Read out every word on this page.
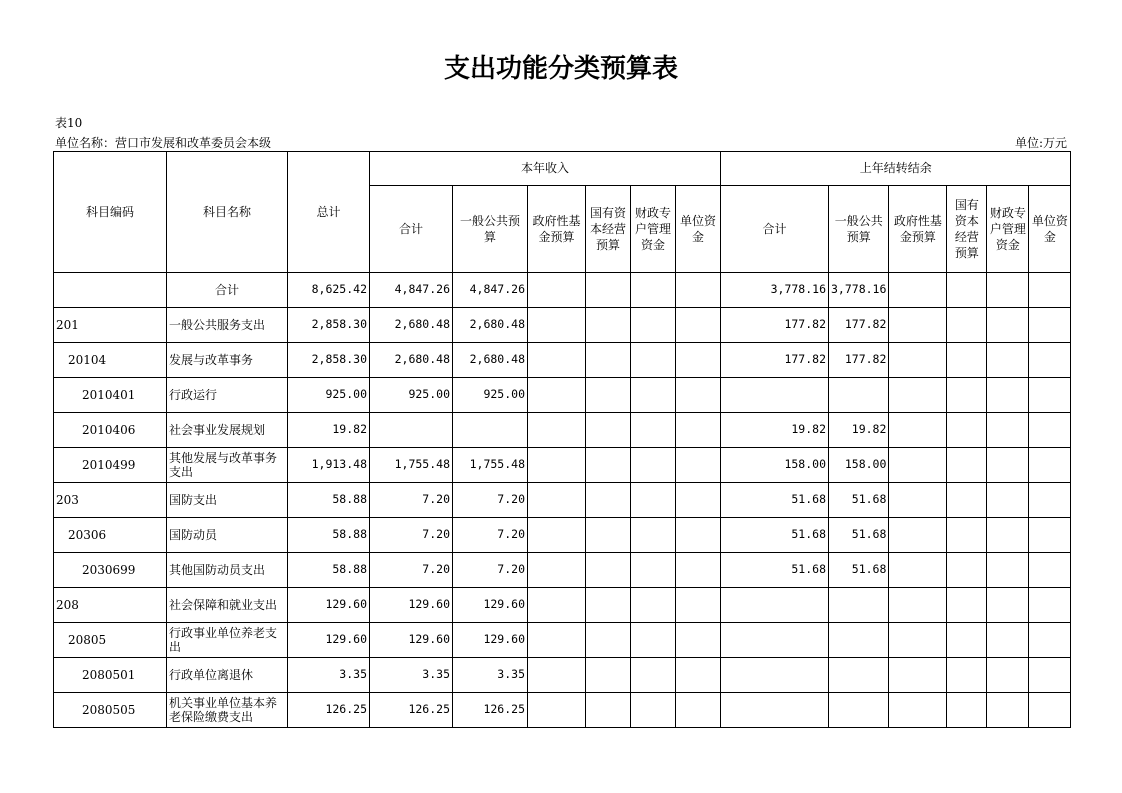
支出功能分类预算表
表10
单位名称：营口市发展和改革委员会本级	单位:万元
科目编码	科目名称	总计	本年收入						上年结转结余					
			合计	一般公共预算	政府性基金预算	国有资本经营预算	财政专户管理资金	单位资金	合计	一般公共预算	政府性基金预算	国有资本经营预算	财政专户管理资金	单位资金
	合计	8,625.42	4,847.26	4,847.26					3,778.16	3,778.16				
201	一般公共服务支出	2,858.30	2,680.48	2,680.48					177.82	177.82				
20104	发展与改革事务	2,858.30	2,680.48	2,680.48					177.82	177.82				
2010401	行政运行	925.00	925.00	925.00										
2010406	社会事业发展规划	19.82							19.82	19.82				
2010499	其他发展与改革事务支出	1,913.48	1,755.48	1,755.48					158.00	158.00				
203	国防支出	58.88	7.20	7.20					51.68	51.68				
20306	国防动员	58.88	7.20	7.20					51.68	51.68				
2030699	其他国防动员支出	58.88	7.20	7.20					51.68	51.68				
208	社会保障和就业支出	129.60	129.60	129.60										
20805	行政事业单位养老支出	129.60	129.60	129.60										
2080501	行政单位离退休	3.35	3.35	3.35										
2080505	机关事业单位基本养老保险缴费支出	126.25	126.25	126.25										
